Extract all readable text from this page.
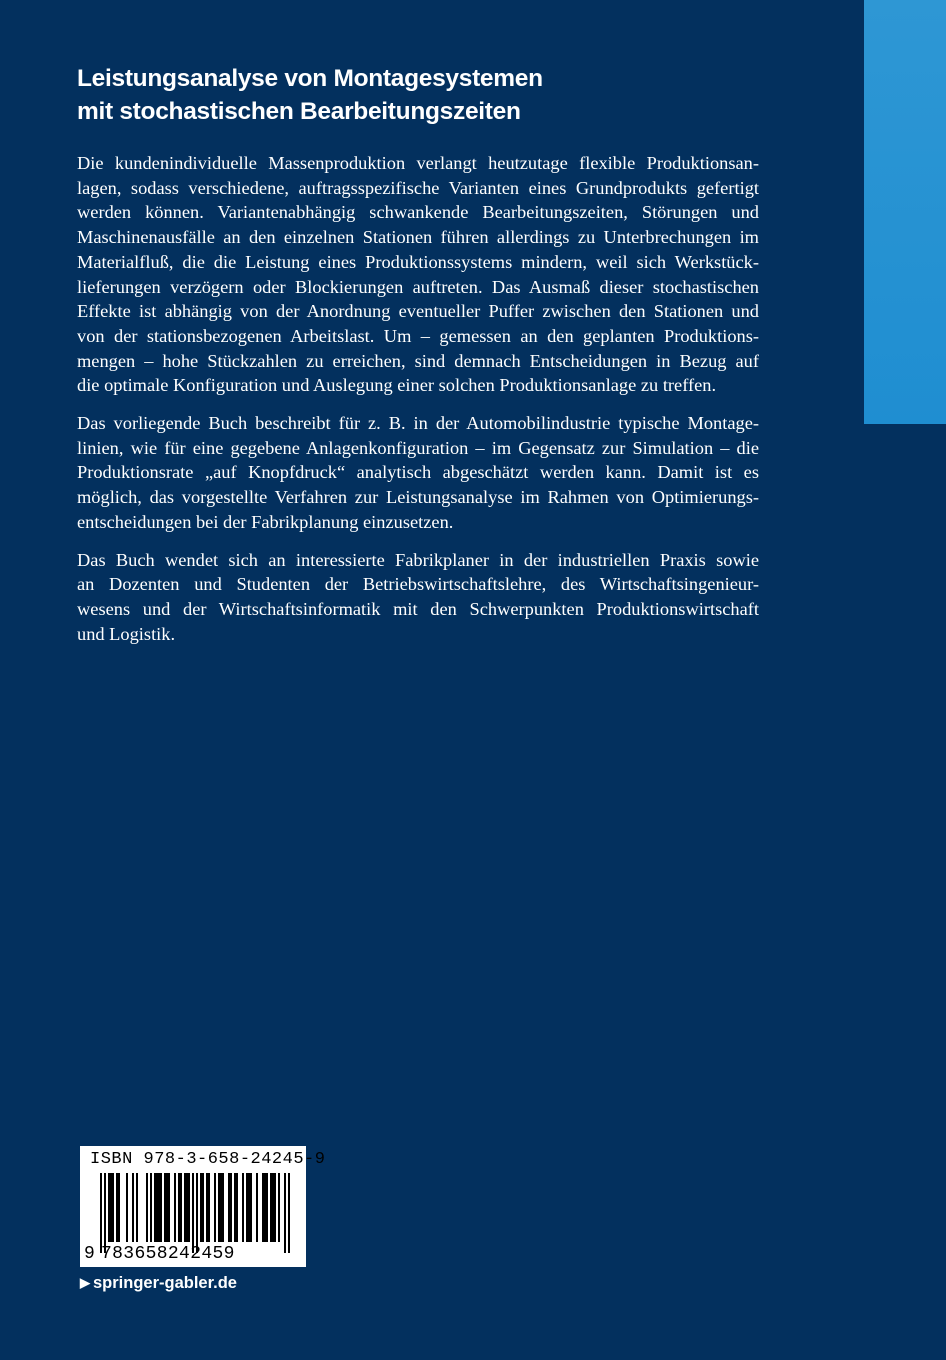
Leistungsanalyse von Montagesystemen
mit stochastischen Bearbeitungszeiten
Die kundenindividuelle Massenproduktion verlangt heutzutage flexible Produktionsan-
lagen, sodass verschiedene, auftragsspezifische Varianten eines Grundprodukts gefertigt
werden können. Variantenabhängig schwankende Bearbeitungszeiten, Störungen und
Maschinenausfälle an den einzelnen Stationen führen allerdings zu Unterbrechungen im
Materialfluß, die die Leistung eines Produktionssystems mindern, weil sich Werkstück-
lieferungen verzögern oder Blockierungen auftreten. Das Ausmaß dieser stochastischen
Effekte ist abhängig von der Anordnung eventueller Puffer zwischen den Stationen und
von der stationsbezogenen Arbeitslast. Um – gemessen an den geplanten Produktions-
mengen – hohe Stückzahlen zu erreichen, sind demnach Entscheidungen in Bezug auf
die optimale Konfiguration und Auslegung einer solchen Produktionsanlage zu treffen.
Das vorliegende Buch beschreibt für z. B. in der Automobilindustrie typische Montage-
linien, wie für eine gegebene Anlagenkonfiguration – im Gegensatz zur Simulation – die
Produktionsrate „auf Knopfdruck“ analytisch abgeschätzt werden kann. Damit ist es
möglich, das vorgestellte Verfahren zur Leistungsanalyse im Rahmen von Optimierungs-
entscheidungen bei der Fabrikplanung einzusetzen.
Das Buch wendet sich an interessierte Fabrikplaner in der industriellen Praxis sowie
an Dozenten und Studenten der Betriebswirtschaftslehre, des Wirtschaftsingenieur-
wesens und der Wirtschaftsinformatik mit den Schwerpunkten Produktionswirtschaft
und Logistik.
ISBN 978-3-658-24245-9
9 783658242459
▶ springer-gabler.de
